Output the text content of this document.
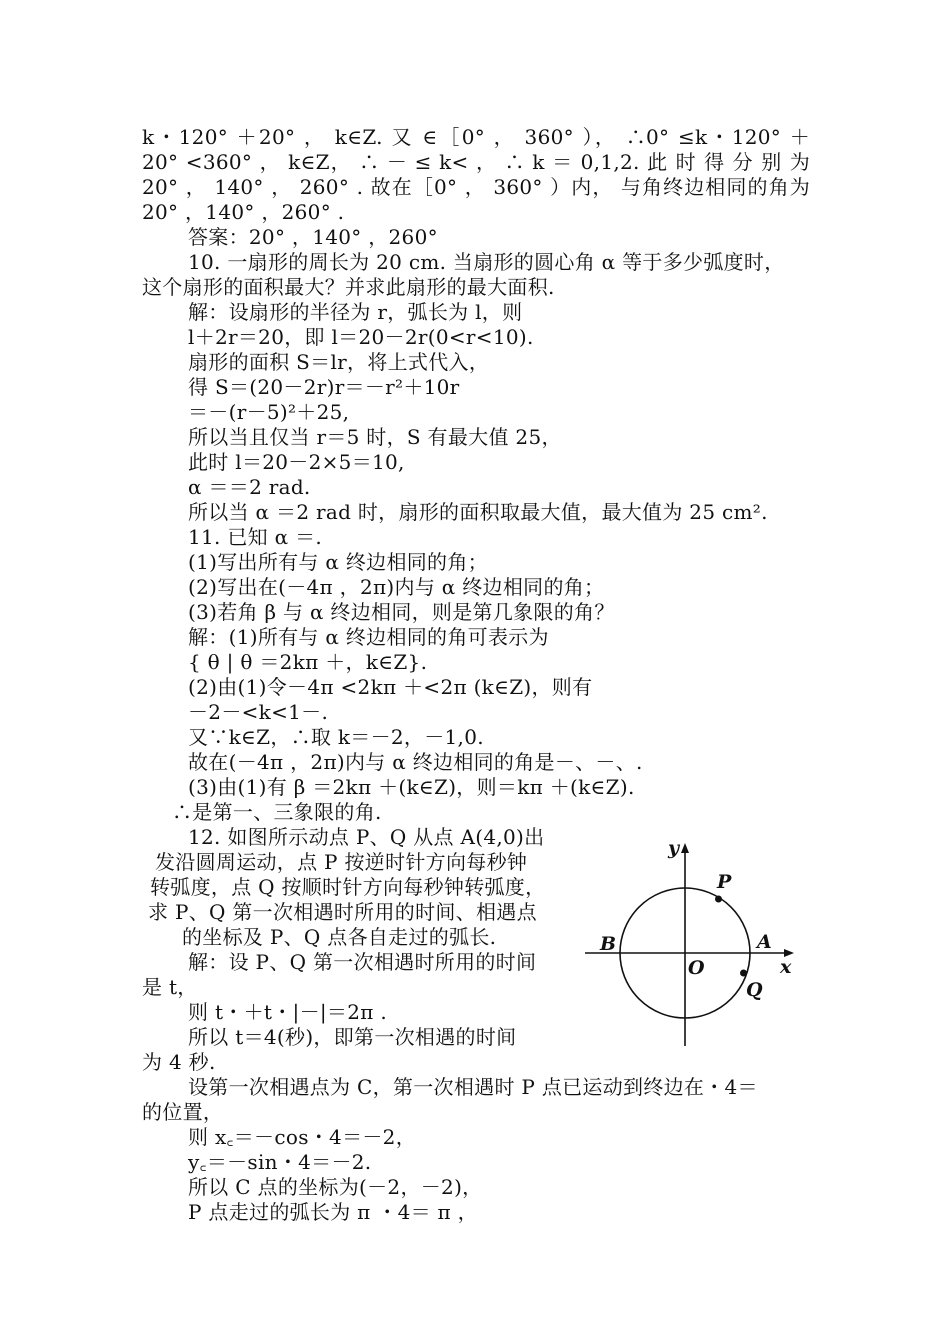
k・120° ＋20° ， k∈Z. 又 ∈［0° ， 360° ）， ∴0° ≤k・120° ＋
20° <360° ， k∈Z， ∴ － ≤ k< ， ∴ k ＝ 0,1,2. 此 时 得 分 别 为
20° ， 140° ， 260° . 故在［0° ， 360° ）内， 与角终边相同的角为
20° ，140° ，260° .
答案：20° ，140° ，260°
10. 一扇形的周长为 20 cm. 当扇形的圆心角 α 等于多少弧度时，
这个扇形的面积最大？并求此扇形的最大面积.
解：设扇形的半径为 r，弧长为 l，则
l＋2r＝20，即 l＝20－2r(0<r<10).
扇形的面积 S＝lr，将上式代入，
得 S＝(20－2r)r＝－r²＋10r
＝－(r－5)²＋25,
所以当且仅当 r＝5 时，S 有最大值 25，
此时 l＝20－2×5＝10,
α ＝＝2 rad.
所以当 α ＝2 rad 时，扇形的面积取最大值，最大值为 25 cm².
11. 已知 α ＝.
(1)写出所有与 α 终边相同的角；
(2)写出在(－4π ，2π)内与 α 终边相同的角；
(3)若角 β 与 α 终边相同，则是第几象限的角？
解：(1)所有与 α 终边相同的角可表示为
{ θ | θ ＝2kπ ＋，k∈Z}.
(2)由(1)令－4π <2kπ ＋<2π (k∈Z)，则有
－2－<k<1－.
又∵k∈Z，∴取 k＝－2，－1,0.
故在(－4π ，2π)内与 α 终边相同的角是－、－、.
(3)由(1)有 β ＝2kπ ＋(k∈Z)，则＝kπ ＋(k∈Z).
∴是第一、三象限的角.
12. 如图所示动点 P、Q 从点 A(4,0)出
发沿圆周运动，点 P 按逆时针方向每秒钟
转弧度，点 Q 按顺时针方向每秒钟转弧度，
求 P、Q 第一次相遇时所用的时间、相遇点
的坐标及 P、Q 点各自走过的弧长.
解：设 P、Q 第一次相遇时所用的时间
是 t，
则 t・＋t・|－|＝2π .
所以 t＝4(秒)，即第一次相遇的时间
为 4 秒.
设第一次相遇点为 C，第一次相遇时 P 点已运动到终边在・4＝
的位置，
则 x꜀＝－cos・4＝－2，
y꜀＝－sin・4＝－2.
所以 C 点的坐标为(－2，－2)，
P 点走过的弧长为 π ・4＝ π ，
y
x
O
A
B
P
Q
